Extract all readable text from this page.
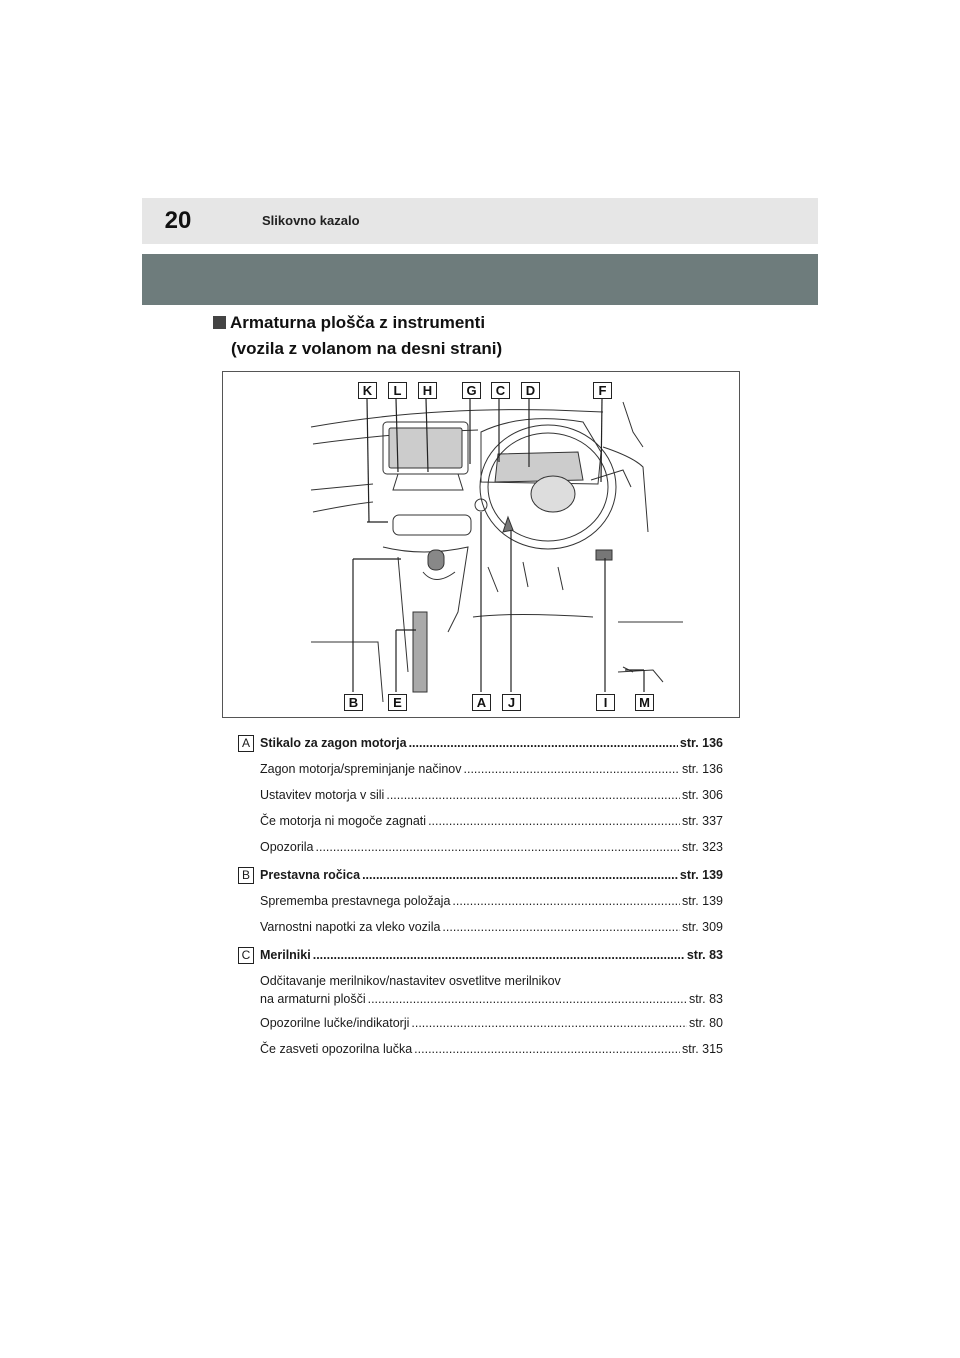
20	Slikovno kazalo
Armaturna plošča z instrumenti
(vozila z volanom na desni strani)
K	L	H	G	C	D	F
B	E	A	J	I	M
A Stikalo za zagon motorja .....	str. 136
Zagon motorja/spreminjanje načinov .....	str. 136
Ustavitev motorja v sili .....	str. 306
Če motorja ni mogoče zagnati .....	str. 337
Opozorila .....	str. 323
B Prestavna ročica .....	str. 139
Sprememba prestavnega položaja .....	str. 139
Varnostni napotki za vleko vozila .....	str. 309
C Merilniki .....	str. 83
Odčitavanje merilnikov/nastavitev osvetlitve merilnikov
na armaturni plošči .....	str. 83
Opozorilne lučke/indikatorji .....	str. 80
Če zasveti opozorilna lučka .....	str. 315
